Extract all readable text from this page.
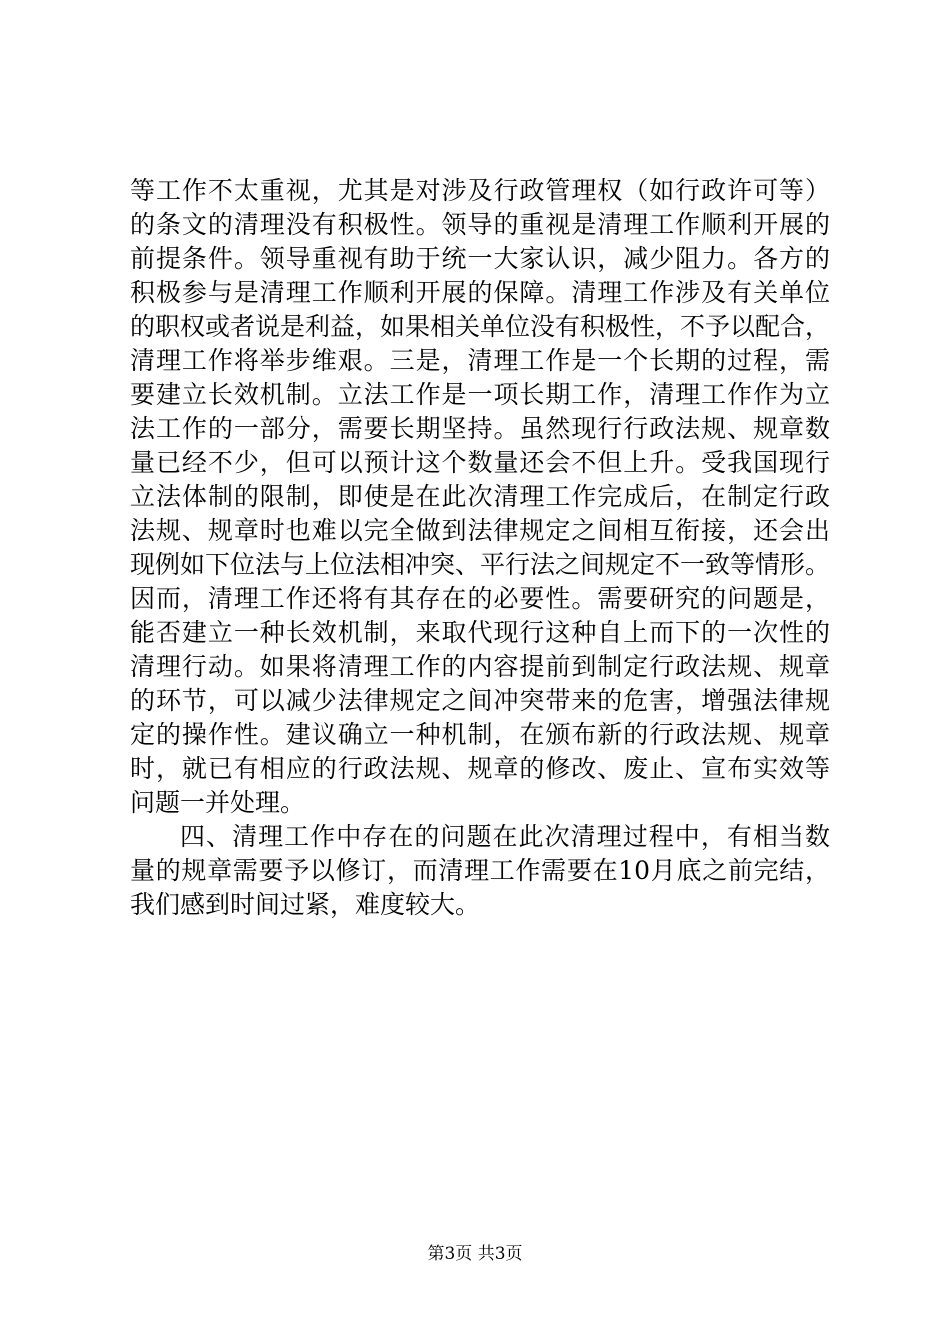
等工作不太重视，尤其是对涉及行政管理权（如行政许可等）
的条文的清理没有积极性。领导的重视是清理工作顺利开展的
前提条件。领导重视有助于统一大家认识，减少阻力。各方的
积极参与是清理工作顺利开展的保障。清理工作涉及有关单位
的职权或者说是利益，如果相关单位没有积极性，不予以配合，
清理工作将举步维艰。三是，清理工作是一个长期的过程，需
要建立长效机制。立法工作是一项长期工作，清理工作作为立
法工作的一部分，需要长期坚持。虽然现行行政法规、规章数
量已经不少，但可以预计这个数量还会不但上升。受我国现行
立法体制的限制，即使是在此次清理工作完成后，在制定行政
法规、规章时也难以完全做到法律规定之间相互衔接，还会出
现例如下位法与上位法相冲突、平行法之间规定不一致等情形。
因而，清理工作还将有其存在的必要性。需要研究的问题是，
能否建立一种长效机制，来取代现行这种自上而下的一次性的
清理行动。如果将清理工作的内容提前到制定行政法规、规章
的环节，可以减少法律规定之间冲突带来的危害，增强法律规
定的操作性。建议确立一种机制，在颁布新的行政法规、规章
时，就已有相应的行政法规、规章的修改、废止、宣布实效等
问题一并处理。
四、清理工作中存在的问题在此次清理过程中，有相当数
量的规章需要予以修订，而清理工作需要在10月底之前完结，
我们感到时间过紧，难度较大。
第3页 共3页
